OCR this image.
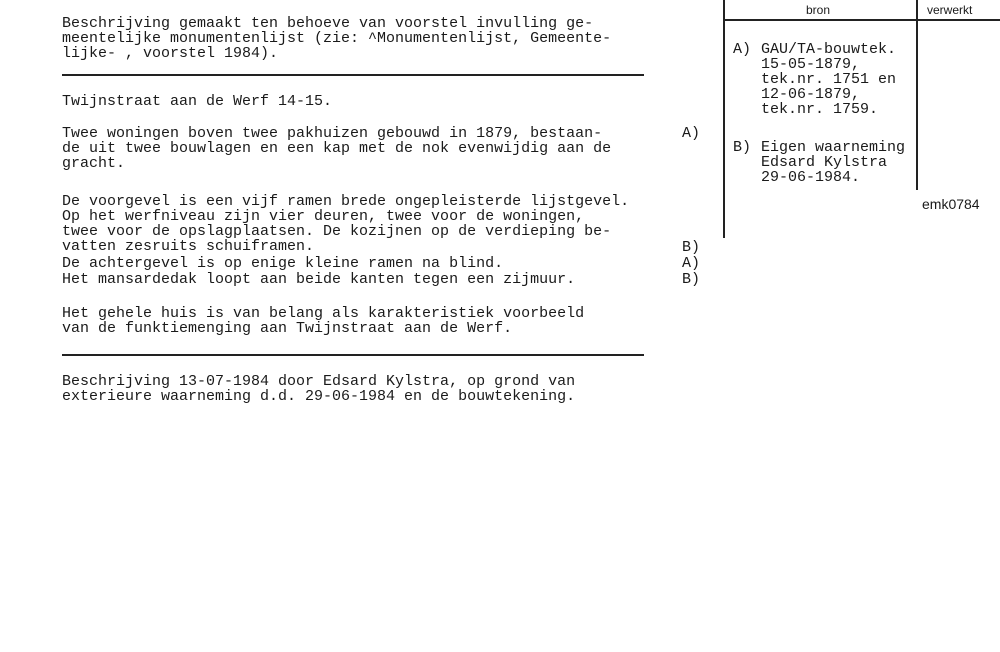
Beschrijving gemaakt ten behoeve van voorstel invulling ge-
meentelijke monumentenlijst (zie: ^Monumentenlijst, Gemeente-
lijke- , voorstel 1984).
Twijnstraat aan de Werf 14-15.
Twee woningen boven twee pakhuizen gebouwd in 1879, bestaan-
de uit twee bouwlagen en een kap met de nok evenwijdig aan de
gracht.
A)
De voorgevel is een vijf ramen brede ongepleisterde lijstgevel.
Op het werfniveau zijn vier deuren, twee voor de woningen,
twee voor de opslagplaatsen. De kozijnen op de verdieping be-
vatten zesruits schuiframen.
De achtergevel is op enige kleine ramen na blind.
Het mansardedak loopt aan beide kanten tegen een zijmuur.
B)
A)
B)
Het gehele huis is van belang als karakteristiek voorbeeld
van de funktiemenging aan Twijnstraat aan de Werf.
Beschrijving 13-07-1984 door Edsard Kylstra, op grond van
exterieure waarneming d.d. 29-06-1984 en de bouwtekening.
bron	verwerkt
A) GAU/TA-bouwtek.
15-05-1879,
tek.nr. 1751 en
12-06-1879,
tek.nr. 1759.
B) Eigen waarneming
Edsard Kylstra
29-06-1984.
emk0784
